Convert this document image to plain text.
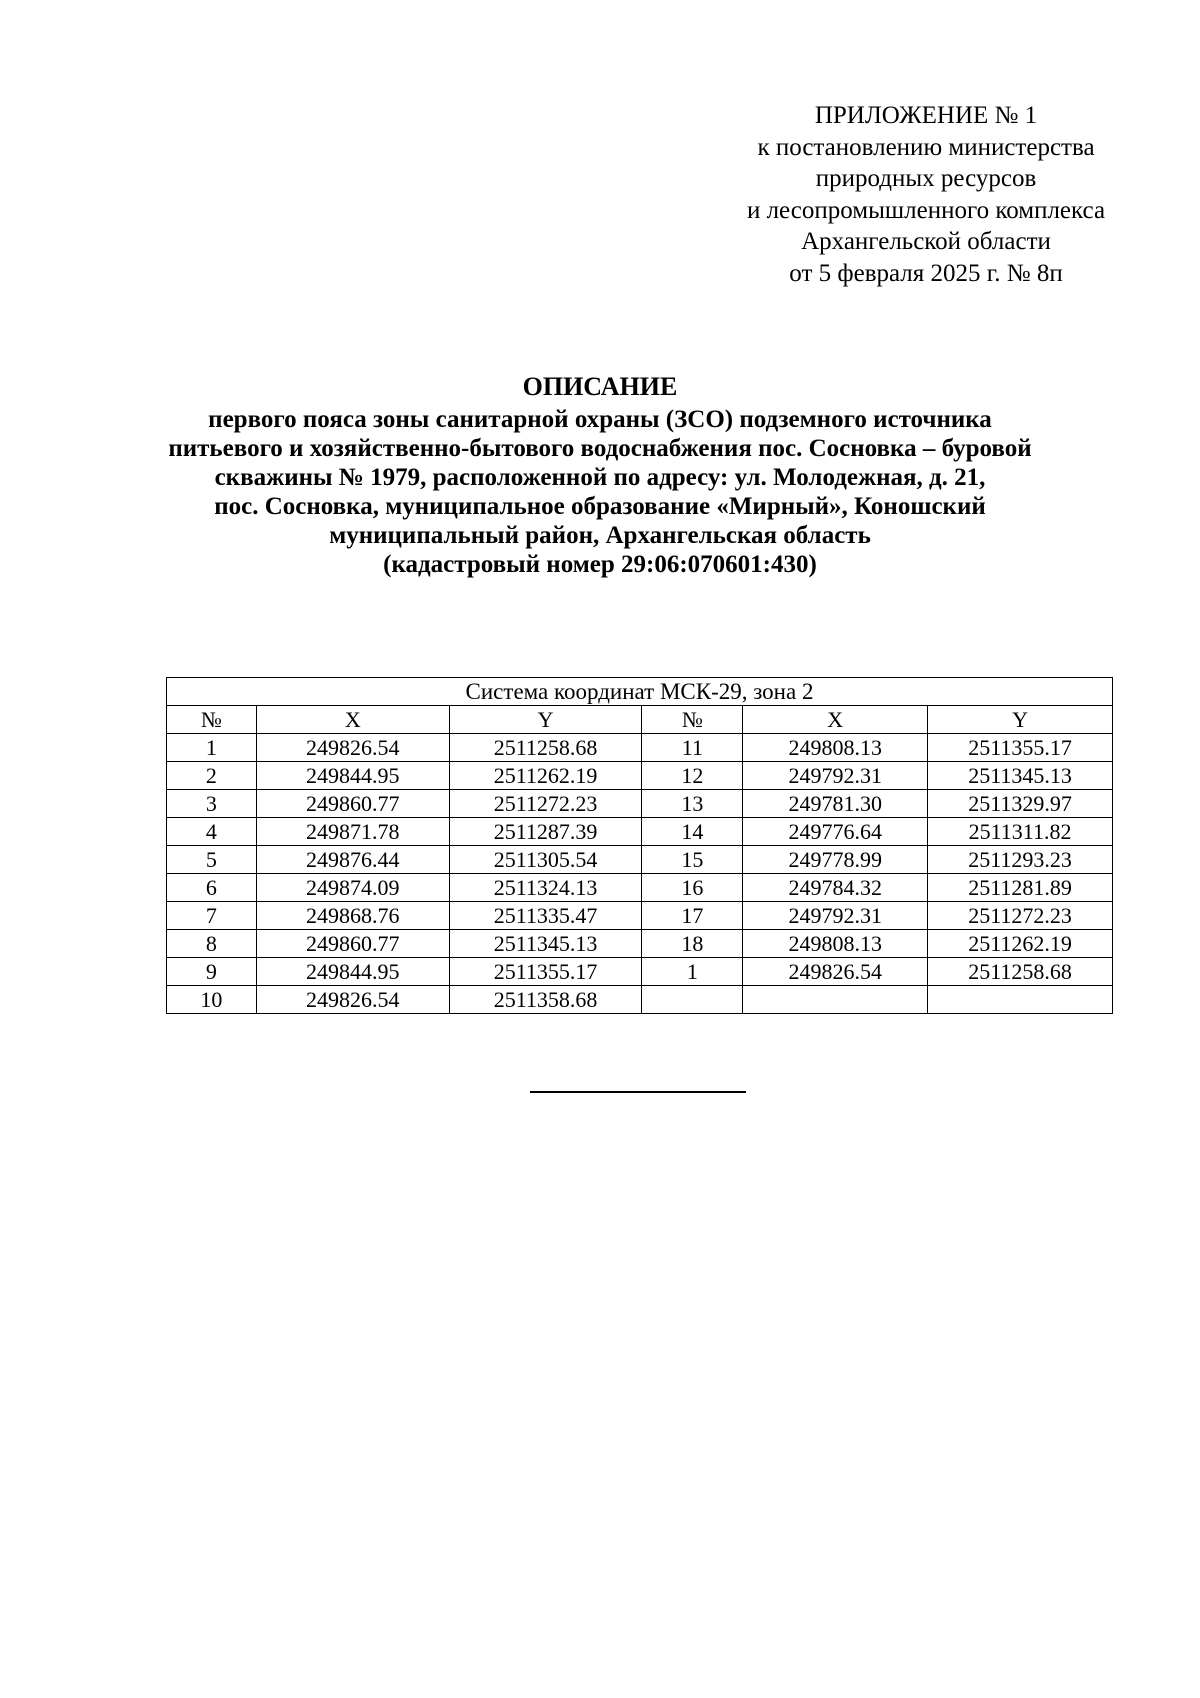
ПРИЛОЖЕНИЕ № 1
к постановлению министерства
природных ресурсов
и лесопромышленного комплекса
Архангельской области
от 5 февраля 2025 г. № 8п
ОПИСАНИЕ
первого пояса зоны санитарной охраны (ЗСО) подземного источника
питьевого и хозяйственно-бытового водоснабжения пос. Сосновка – буровой
скважины № 1979, расположенной по адресу: ул. Молодежная, д. 21,
пос. Сосновка, муниципальное образование «Мирный», Коношский
муниципальный район, Архангельская область
(кадастровый номер 29:06:070601:430)
Система координат МСК-29, зона 2					
№	X	Y	№	X	Y
1	249826.54	2511258.68	11	249808.13	2511355.17
2	249844.95	2511262.19	12	249792.31	2511345.13
3	249860.77	2511272.23	13	249781.30	2511329.97
4	249871.78	2511287.39	14	249776.64	2511311.82
5	249876.44	2511305.54	15	249778.99	2511293.23
6	249874.09	2511324.13	16	249784.32	2511281.89
7	249868.76	2511335.47	17	249792.31	2511272.23
8	249860.77	2511345.13	18	249808.13	2511262.19
9	249844.95	2511355.17	1	249826.54	2511258.68
10	249826.54	2511358.68			
